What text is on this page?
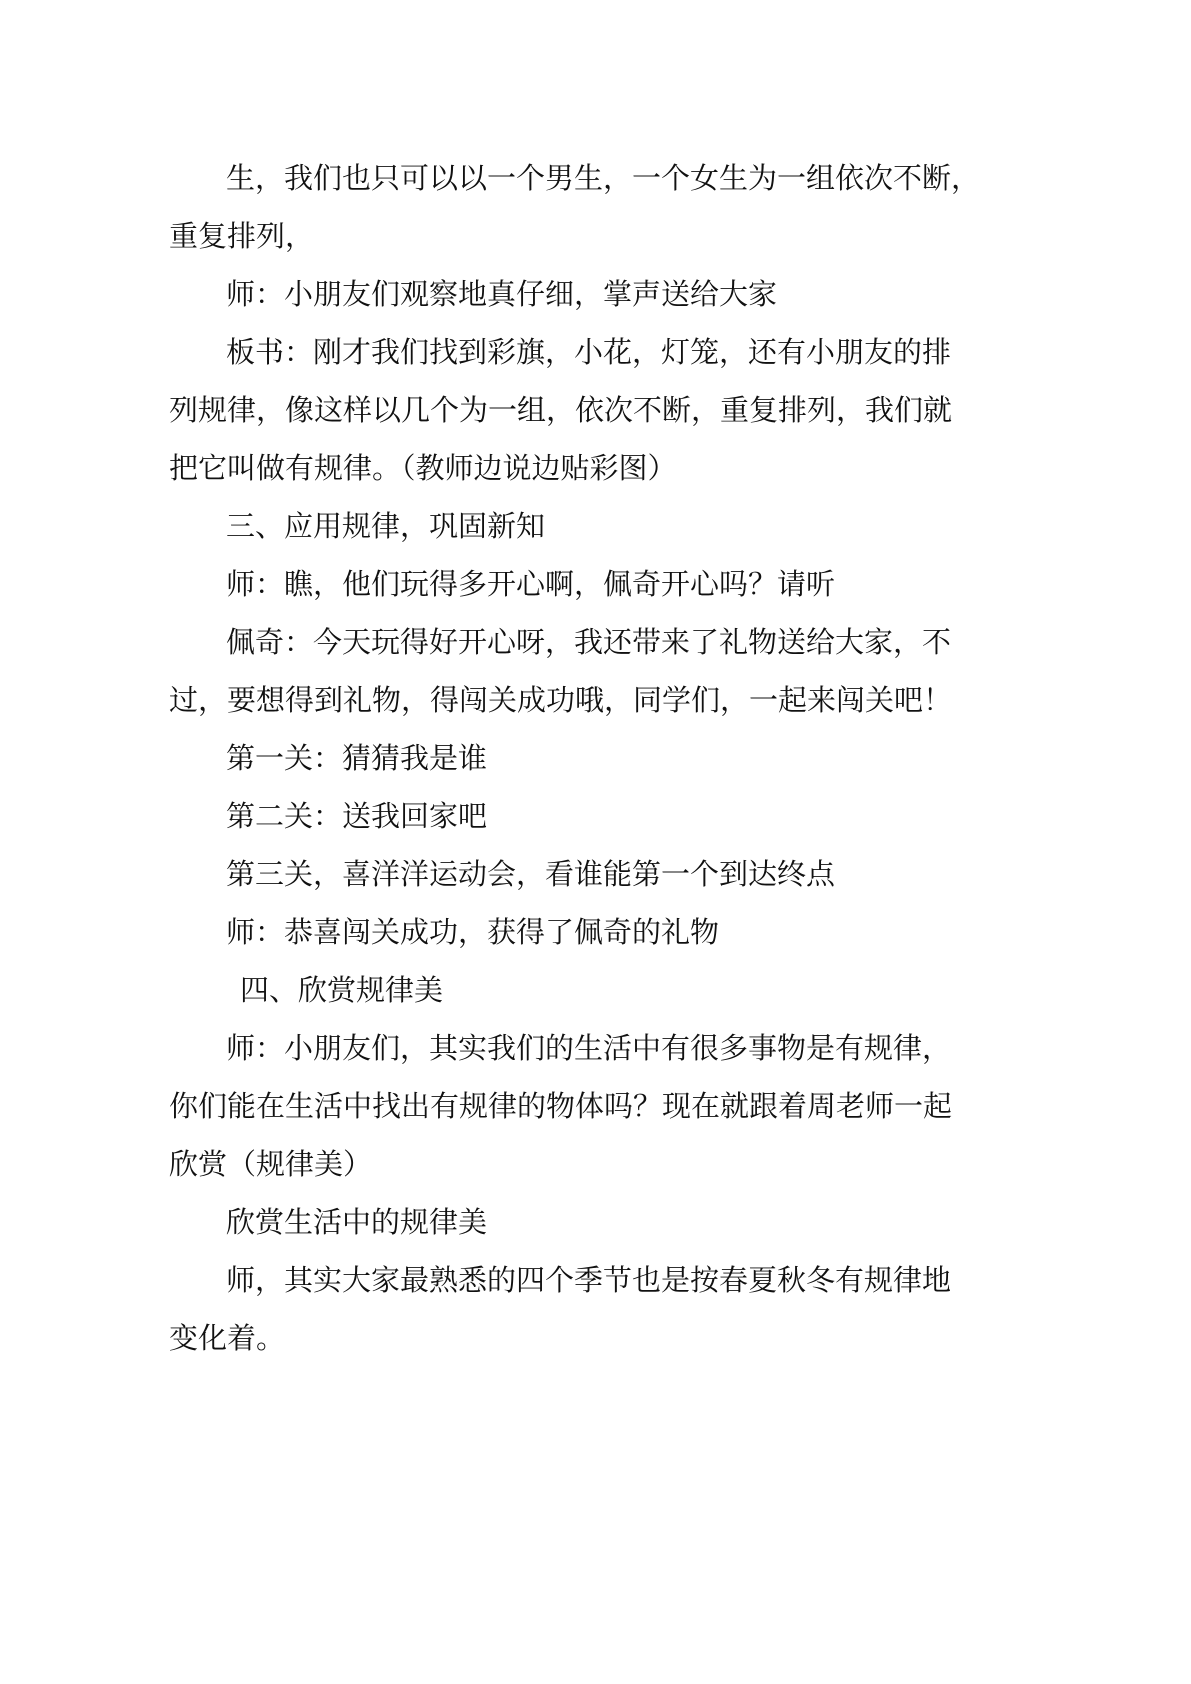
生，我们也只可以以一个男生，一个女生为一组依次不断，
重复排列，
师：小朋友们观察地真仔细，掌声送给大家
板书：刚才我们找到彩旗，小花，灯笼，还有小朋友的排
列规律，像这样以几个为一组，依次不断，重复排列，我们就
把它叫做有规律。（教师边说边贴彩图）
三、应用规律，巩固新知
师：瞧，他们玩得多开心啊，佩奇开心吗？请听
佩奇：今天玩得好开心呀，我还带来了礼物送给大家，不
过，要想得到礼物，得闯关成功哦，同学们，一起来闯关吧！
第一关：猜猜我是谁
第二关：送我回家吧
第三关，喜洋洋运动会，看谁能第一个到达终点
师：恭喜闯关成功，获得了佩奇的礼物
四、欣赏规律美
师：小朋友们，其实我们的生活中有很多事物是有规律，
你们能在生活中找出有规律的物体吗？现在就跟着周老师一起
欣赏（规律美）
欣赏生活中的规律美
师，其实大家最熟悉的四个季节也是按春夏秋冬有规律地
变化着。
